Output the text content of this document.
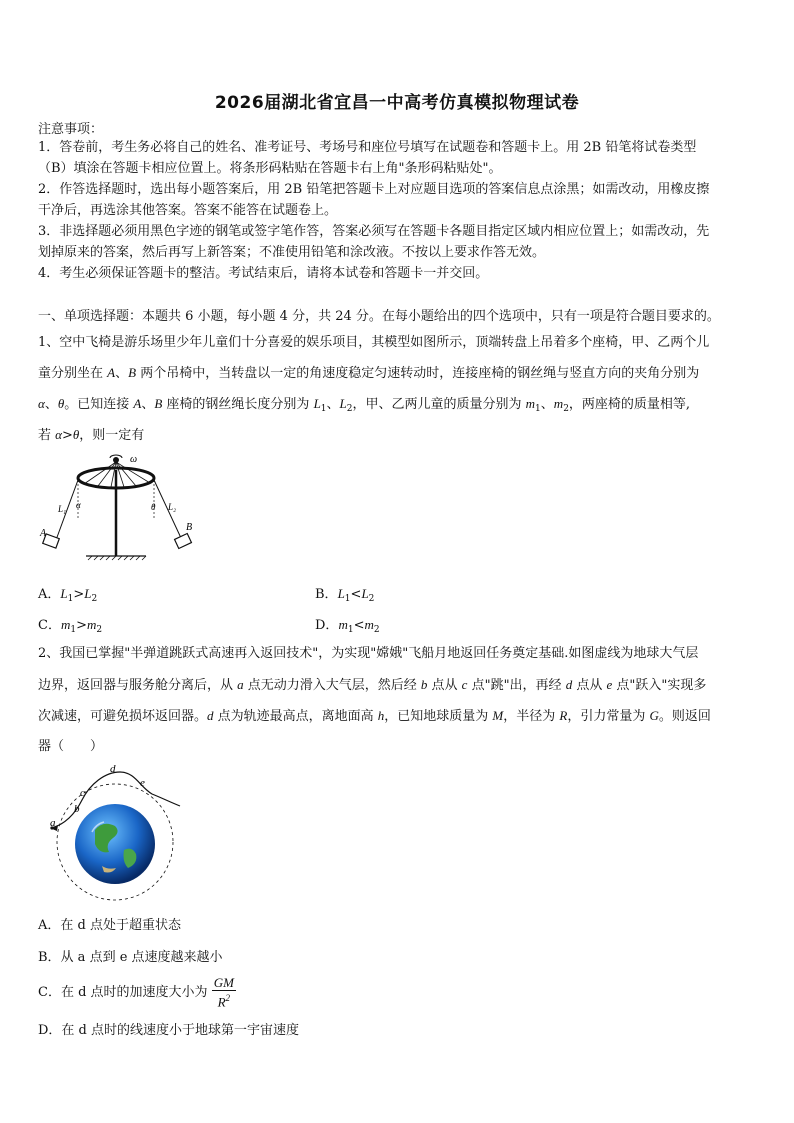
2026届湖北省宜昌一中高考仿真模拟物理试卷
注意事项：
1．答卷前，考生务必将自己的姓名、准考证号、考场号和座位号填写在试题卷和答题卡上。用 2B 铅笔将试卷类型
（B）填涂在答题卡相应位置上。将条形码粘贴在答题卡右上角"条形码粘贴处"。
2．作答选择题时，选出每小题答案后，用 2B 铅笔把答题卡上对应题目选项的答案信息点涂黑；如需改动，用橡皮擦
干净后，再选涂其他答案。答案不能答在试题卷上。
3．非选择题必须用黑色字迹的钢笔或签字笔作答，答案必须写在答题卡各题目指定区域内相应位置上；如需改动，先
划掉原来的答案，然后再写上新答案；不准使用铅笔和涂改液。不按以上要求作答无效。
4．考生必须保证答题卡的整洁。考试结束后，请将本试卷和答题卡一并交回。
一、单项选择题：本题共 6 小题，每小题 4 分，共 24 分。在每小题给出的四个选项中，只有一项是符合题目要求的。
1、空中飞椅是游乐场里少年儿童们十分喜爱的娱乐项目，其模型如图所示，顶端转盘上吊着多个座椅，甲、乙两个儿
童分别坐在 A、B 两个吊椅中，当转盘以一定的角速度稳定匀速转动时，连接座椅的钢丝绳与竖直方向的夹角分别为
α、θ。已知连接 A、B 座椅的钢丝绳长度分别为 $L_1$、$L_2$，甲、乙两儿童的质量分别为 $m_1$、$m_2$，两座椅的质量相等,
若 α>θ，则一定有
ω
L₁ α	θ L₂
A
B
A．$L_1>L_2$	B．$L_1<L_2$
C．$m_1>m_2$	D．$m_1<m_2$
2、我国已掌握"半弹道跳跃式高速再入返回技术"，为实现"嫦娥"飞船月地返回任务奠定基础.如图虚线为地球大气层
边界，返回器与服务舱分离后，从 a 点无动力滑入大气层，然后经 b 点从 c 点"跳"出，再经 d 点从 e 点"跃入"实现多
次减速，可避免损坏返回器。d 点为轨迹最高点，离地面高 h，已知地球质量为 M，半径为 R，引力常量为 G。则返回
器（　　）
a
b
c
d
e
A．在 d 点处于超重状态
B．从 a 点到 e 点速度越来越小
C．在 d 点时的加速度大小为 $\frac{GM}{R^2}$
D．在 d 点时的线速度小于地球第一宇宙速度
